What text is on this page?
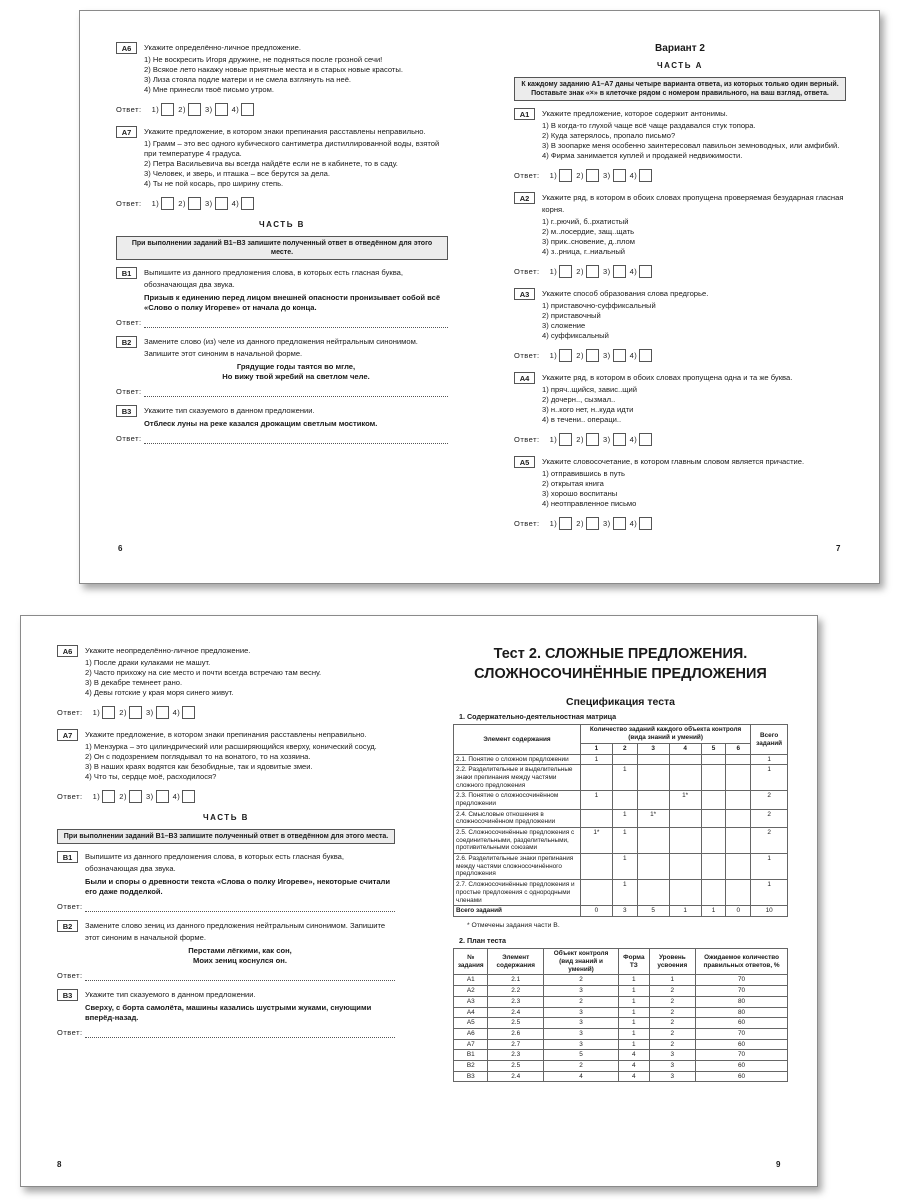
А6	Укажите определённо-личное предложение.
1) Не воскресить Игоря дружине, не подняться после грозной сечи!
2) Всякое лето накажу новые приятные места и в старых новые красоты.
3) Лиза стояла подле матери и не смела взглянуть на неё.
4) Мне принесли твоё письмо утром.
Ответ: 1)	2)	3)	4)
А7	Укажите предложение, в котором знаки препинания расставлены неправильно.
1) Грамм – это вес одного кубического сантиметра дистиллированной воды, взятой при температуре 4 градуса.
2) Петра Васильевича вы всегда найдёте если не в кабинете, то в саду.
3) Человек, и зверь, и пташка – все берутся за дела.
4) Ты не пой косарь, про ширину степь.
Ответ: 1)	2)	3)	4)
ЧАСТЬ В
При выполнении заданий В1–В3 запишите полученный ответ в отведённом для этого месте.
В1	Выпишите из данного предложения слова, в которых есть гласная буква, обозначающая два звука.
Призыв к единению перед лицом внешней опасности пронизывает собой всё «Слово о полку Игореве» от начала до конца.
Ответ:
В2	Замените слово (из) челе из данного предложения нейтральным синонимом. Запишите этот синоним в начальной форме.
Грядущие годы таятся во мгле,
Но вижу твой жребий на светлом челе.
Ответ:
В3	Укажите тип сказуемого в данном предложении.
Отблеск луны на реке казался дрожащим светлым мостиком.
Ответ:
6
Вариант 2
ЧАСТЬ А
К каждому заданию А1–А7 даны четыре варианта ответа, из которых только один верный. Поставьте знак «×» в клеточке рядом с номером правильного, на ваш взгляд, ответа.
А1	Укажите предложение, которое содержит антонимы.
1) В когда-то глухой чаще всё чаще раздавался стук топора.
2) Куда затерялось, пропало письмо?
3) В зоопарке меня особенно заинтересовал павильон земноводных, или амфибий.
4) Фирма занимается куплей и продажей недвижимости.
Ответ: 1)	2)	3)	4)
А2	Укажите ряд, в котором в обоих словах пропущена проверяемая безударная гласная корня.
1) г..рючий, б..рхатистый
2) м..лосердие, защ..щать
3) прик..сновение, д..плом
4) з..рница, г..ниальный
Ответ: 1)	2)	3)	4)
А3	Укажите способ образования слова предгорье.
1) приставочно-суффиксальный
2) приставочный
3) сложение
4) суффиксальный
Ответ: 1)	2)	3)	4)
А4	Укажите ряд, в котором в обоих словах пропущена одна и та же буква.
1) пряч..щийся, завис..щий
2) дочерн.., сызмал..
3) н..кого нет, н..куда идти
4) в течени.. операци..
Ответ: 1)	2)	3)	4)
А5	Укажите словосочетание, в котором главным словом является причастие.
1) отправившись в путь
2) открытая книга
3) хорошо воспитаны
4) неотправленное письмо
Ответ: 1)	2)	3)	4)
7
А6	Укажите неопределённо-личное предложение.
1) После драки кулаками не машут.
2) Часто прихожу на сие место и почти всегда встречаю там весну.
3) В декабре темнеет рано.
4) Девы готские у края моря синего живут.
Ответ: 1)	2)	3)	4)
А7	Укажите предложение, в котором знаки препинания расставлены неправильно.
1) Мензурка – это цилиндрический или расширяющийся кверху, конический сосуд.
2) Он с подозрением поглядывал то на вонатого, то на хозяина.
3) В наших краях водятся как безобидные, так и ядовитые змеи.
4) Что ты, сердце моё, расходилося?
Ответ: 1)	2)	3)	4)
ЧАСТЬ В
При выполнении заданий В1–В3 запишите полученный ответ в отведённом для этого места.
В1	Выпишите из данного предложения слова, в которых есть гласная буква, обозначающая два звука.
Были и споры о древности текста «Слова о полку Игореве», некоторые считали его даже подделкой.
Ответ:
В2	Замените слово зениц из данного предложения нейтральным синонимом. Запишите этот синоним в начальной форме.
Перстами лёгкими, как сон,
Моих зениц коснулся он.
Ответ:
В3	Укажите тип сказуемого в данном предложении.
Сверху, с борта самолёта, машины казались шустрыми жуками, снующими вперёд-назад.
Ответ:
8
Тест 2. СЛОЖНЫЕ ПРЕДЛОЖЕНИЯ.
СЛОЖНОСОЧИНЁННЫЕ ПРЕДЛОЖЕНИЯ
Спецификация теста
1. Содержательно-деятельностная матрица
Элемент содержания	Количество заданий каждого объекта контроля (вида знаний и умений)						Всего заданий
	1	2	3	4	5	6	
2.1. Понятие о сложном предложении	1						1
2.2. Разделительные и выделительные знаки препинания между частями сложного предложения		1					1
2.3. Понятие о сложносочинённом предложении	1			1*			2
2.4. Смысловые отношения в сложносочинённом предложении		1	1*				2
2.5. Сложносочинённые предложения с соединительными, разделительными, противительными союзами	1*	1					2
2.6. Разделительные знаки препинания между частями сложносочинённого предложения		1					1
2.7. Сложносочинённые предложения и простые предложения с однородными членами		1					1
Всего заданий	0	3	5	1	1	0	10
* Отмечены задания части В.
2. План теста
№ задания	Элемент содержания	Объект контроля (вид знаний и умений)	Форма ТЗ	Уровень усвоения	Ожидаемое количество правильных ответов, %
А1	2.1	2	1	1	70
А2	2.2	3	1	2	70
А3	2.3	2	1	2	80
А4	2.4	3	1	2	80
А5	2.5	3	1	2	60
А6	2.6	3	1	2	70
А7	2.7	3	1	2	60
В1	2.3	5	4	3	70
В2	2.5	2	4	3	60
В3	2.4	4	4	3	60
9
